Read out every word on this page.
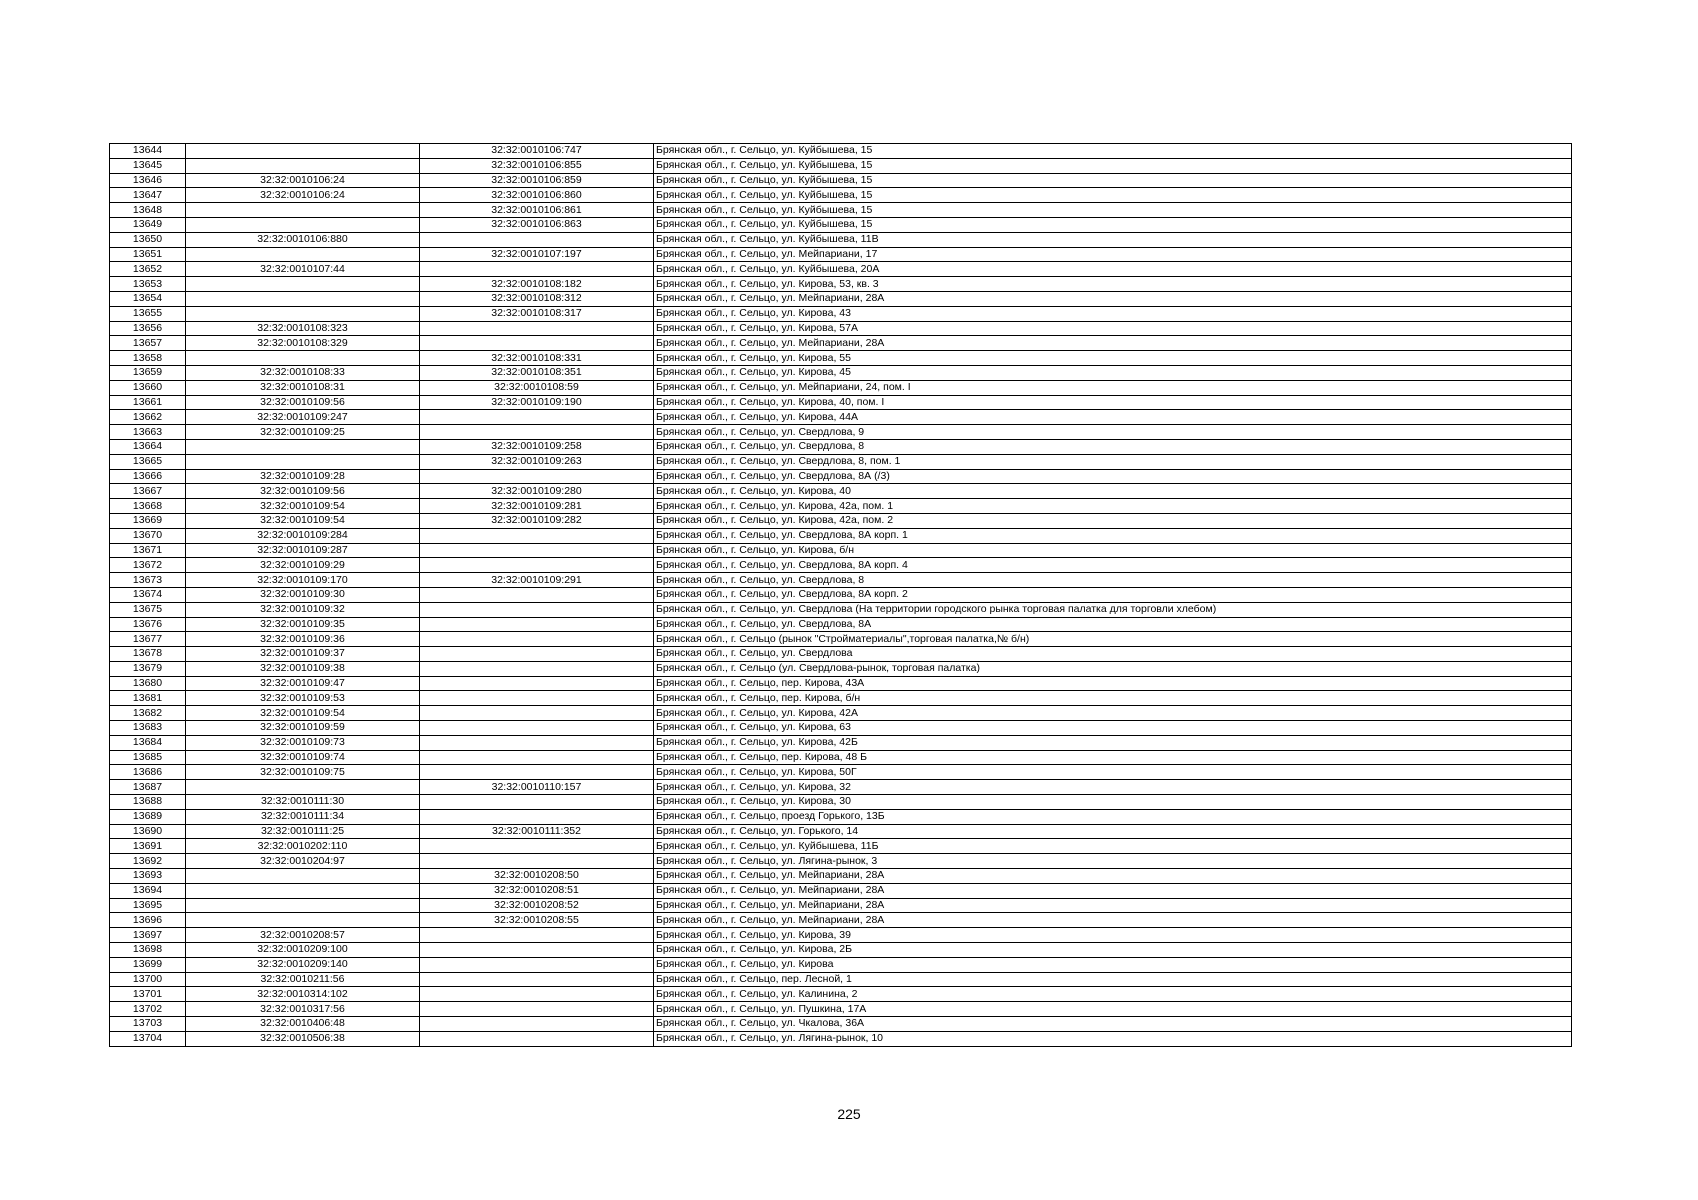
13644		32:32:0010106:747	Брянская обл., г. Сельцо, ул. Куйбышева, 15
13645		32:32:0010106:855	Брянская обл., г. Сельцо, ул. Куйбышева, 15
13646	32:32:0010106:24	32:32:0010106:859	Брянская обл., г. Сельцо, ул. Куйбышева, 15
13647	32:32:0010106:24	32:32:0010106:860	Брянская обл., г. Сельцо, ул. Куйбышева, 15
13648		32:32:0010106:861	Брянская обл., г. Сельцо, ул. Куйбышева, 15
13649		32:32:0010106:863	Брянская обл., г. Сельцо, ул. Куйбышева, 15
13650	32:32:0010106:880		Брянская обл., г. Сельцо, ул. Куйбышева, 11В
13651		32:32:0010107:197	Брянская обл., г. Сельцо, ул. Мейпариани, 17
13652	32:32:0010107:44		Брянская обл., г. Сельцо, ул. Куйбышева, 20А
13653		32:32:0010108:182	Брянская обл., г. Сельцо, ул. Кирова, 53, кв. 3
13654		32:32:0010108:312	Брянская обл., г. Сельцо, ул. Мейпариани, 28А
13655		32:32:0010108:317	Брянская обл., г. Сельцо, ул. Кирова, 43
13656	32:32:0010108:323		Брянская обл., г. Сельцо, ул. Кирова, 57А
13657	32:32:0010108:329		Брянская обл., г. Сельцо, ул. Мейпариани, 28А
13658		32:32:0010108:331	Брянская обл., г. Сельцо, ул. Кирова, 55
13659	32:32:0010108:33	32:32:0010108:351	Брянская обл., г. Сельцо, ул. Кирова, 45
13660	32:32:0010108:31	32:32:0010108:59	Брянская обл., г. Сельцо, ул. Мейпариани, 24, пом. I
13661	32:32:0010109:56	32:32:0010109:190	Брянская обл., г. Сельцо, ул. Кирова, 40, пом. I
13662	32:32:0010109:247		Брянская обл., г. Сельцо, ул. Кирова, 44А
13663	32:32:0010109:25		Брянская обл., г. Сельцо, ул. Свердлова, 9
13664		32:32:0010109:258	Брянская обл., г. Сельцо, ул. Свердлова, 8
13665		32:32:0010109:263	Брянская обл., г. Сельцо, ул. Свердлова, 8, пом. 1
13666	32:32:0010109:28		Брянская обл., г. Сельцо, ул. Свердлова, 8А (/3)
13667	32:32:0010109:56	32:32:0010109:280	Брянская обл., г. Сельцо, ул. Кирова, 40
13668	32:32:0010109:54	32:32:0010109:281	Брянская обл., г. Сельцо, ул. Кирова, 42а, пом. 1
13669	32:32:0010109:54	32:32:0010109:282	Брянская обл., г. Сельцо, ул. Кирова, 42а, пом. 2
13670	32:32:0010109:284		Брянская обл., г. Сельцо, ул. Свердлова, 8А корп. 1
13671	32:32:0010109:287		Брянская обл., г. Сельцо, ул. Кирова, б/н
13672	32:32:0010109:29		Брянская обл., г. Сельцо, ул. Свердлова, 8А корп. 4
13673	32:32:0010109:170	32:32:0010109:291	Брянская обл., г. Сельцо, ул. Свердлова, 8
13674	32:32:0010109:30		Брянская обл., г. Сельцо, ул. Свердлова, 8А корп. 2
13675	32:32:0010109:32		Брянская обл., г. Сельцо, ул. Свердлова (На территории городского рынка торговая палатка для торговли хлебом)
13676	32:32:0010109:35		Брянская обл., г. Сельцо, ул. Свердлова, 8А
13677	32:32:0010109:36		Брянская обл., г. Сельцо (рынок "Стройматериалы",торговая палатка,№ б/н)
13678	32:32:0010109:37		Брянская обл., г. Сельцо, ул. Свердлова
13679	32:32:0010109:38		Брянская обл., г. Сельцо (ул. Свердлова-рынок, торговая палатка)
13680	32:32:0010109:47		Брянская обл., г. Сельцо, пер. Кирова, 43А
13681	32:32:0010109:53		Брянская обл., г. Сельцо, пер. Кирова, б/н
13682	32:32:0010109:54		Брянская обл., г. Сельцо, ул. Кирова, 42А
13683	32:32:0010109:59		Брянская обл., г. Сельцо, ул. Кирова, 63
13684	32:32:0010109:73		Брянская обл., г. Сельцо, ул. Кирова, 42Б
13685	32:32:0010109:74		Брянская обл., г. Сельцо, пер. Кирова, 48 Б
13686	32:32:0010109:75		Брянская обл., г. Сельцо, ул. Кирова, 50Г
13687		32:32:0010110:157	Брянская обл., г. Сельцо, ул. Кирова, 32
13688	32:32:0010111:30		Брянская обл., г. Сельцо, ул. Кирова, 30
13689	32:32:0010111:34		Брянская обл., г. Сельцо, проезд Горького, 13Б
13690	32:32:0010111:25	32:32:0010111:352	Брянская обл., г. Сельцо, ул. Горького, 14
13691	32:32:0010202:110		Брянская обл., г. Сельцо, ул. Куйбышева, 11Б
13692	32:32:0010204:97		Брянская обл., г. Сельцо, ул. Лягина-рынок, 3
13693		32:32:0010208:50	Брянская обл., г. Сельцо, ул. Мейпариани, 28А
13694		32:32:0010208:51	Брянская обл., г. Сельцо, ул. Мейпариани, 28А
13695		32:32:0010208:52	Брянская обл., г. Сельцо, ул. Мейпариани, 28А
13696		32:32:0010208:55	Брянская обл., г. Сельцо, ул. Мейпариани, 28А
13697	32:32:0010208:57		Брянская обл., г. Сельцо, ул. Кирова, 39
13698	32:32:0010209:100		Брянская обл., г. Сельцо, ул. Кирова, 2Б
13699	32:32:0010209:140		Брянская обл., г. Сельцо, ул. Кирова
13700	32:32:0010211:56		Брянская обл., г. Сельцо, пер. Лесной, 1
13701	32:32:0010314:102		Брянская обл., г. Сельцо, ул. Калинина, 2
13702	32:32:0010317:56		Брянская обл., г. Сельцо, ул. Пушкина, 17А
13703	32:32:0010406:48		Брянская обл., г. Сельцо, ул. Чкалова, 36А
13704	32:32:0010506:38		Брянская обл., г. Сельцо, ул. Лягина-рынок, 10
225
